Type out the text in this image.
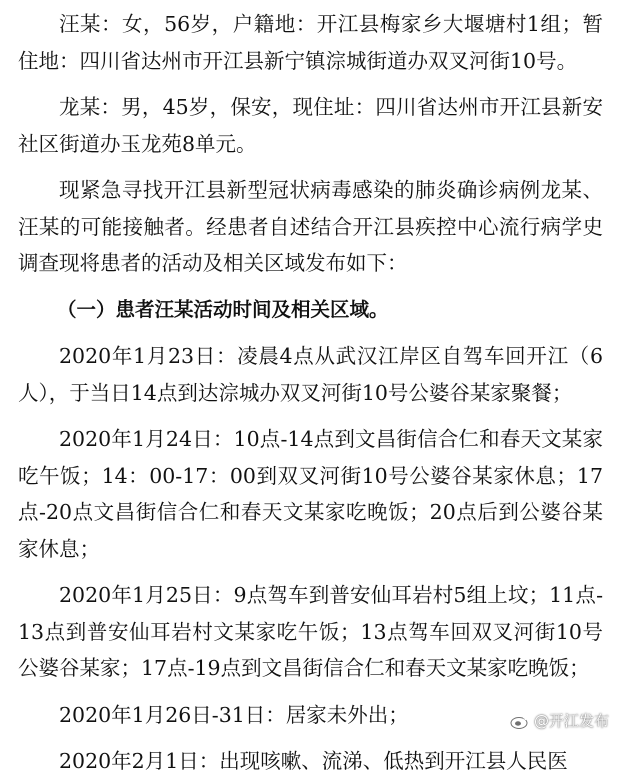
汪某：女，56岁，户籍地：开江县梅家乡大堰塘村1组；暂住地：四川省达州市开江县新宁镇淙城街道办双叉河街10号。

龙某：男，45岁，保安，现住址：四川省达州市开江县新安社区街道办玉龙苑8单元。

现紧急寻找开江县新型冠状病毒感染的肺炎确诊病例龙某、汪某的可能接触者。经患者自述结合开江县疾控中心流行病学史调查现将患者的活动及相关区域发布如下：

（一）患者汪某活动时间及相关区域。

2020年1月23日：凌晨4点从武汉江岸区自驾车回开江（6人），于当日14点到达淙城办双叉河街10号公婆谷某家聚餐；

2020年1月24日：10点-14点到文昌街信合仁和春天文某家吃午饭；14：00-17：00到双叉河街10号公婆谷某家休息；17点-20点文昌街信合仁和春天文某家吃晚饭；20点后到公婆谷某家休息；

2020年1月25日：9点驾车到普安仙耳岩村5组上坟；11点-13点到普安仙耳岩村文某家吃午饭；13点驾车回双叉河街10号公婆谷某家；17点-19点到文昌街信合仁和春天文某家吃晚饭；

2020年1月26日-31日：居家未外出；

2020年2月1日：出现咳嗽、流涕、低热到开江县人民医

@开江发布
